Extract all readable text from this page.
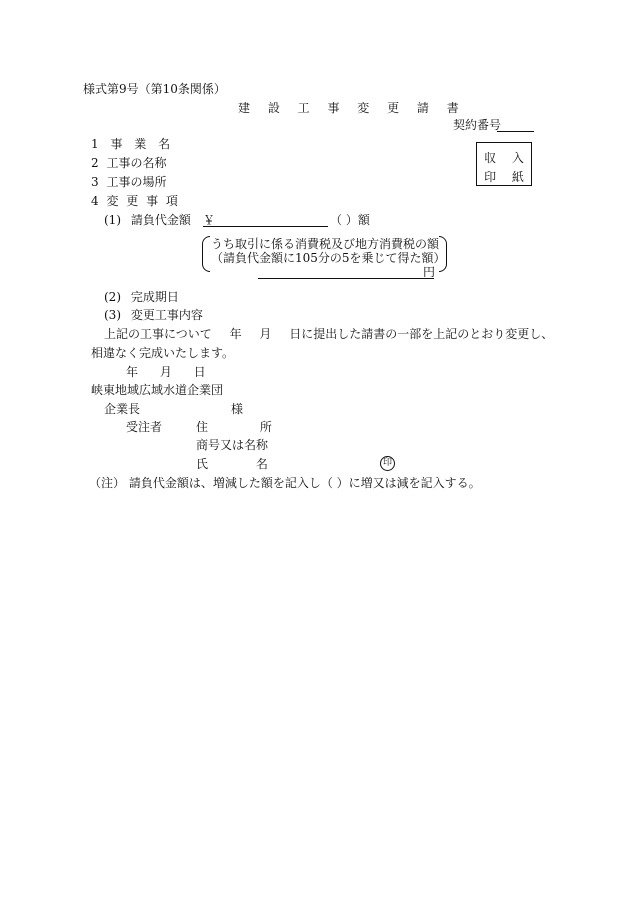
様式第9号（第10条関係）
建 設 工 事 変 更 請 書
契約番号
収 入
印 紙
1 事 業 名
2 工事の名称
3 工事の場所
4 変 更 事 項
(1) 請負代金額 ￥	（ ）額
うち取引に係る消費税及び地方消費税の額
（請負代金額に105分の5を乗じて得た額）
円
(2) 完成期日
(3) 変更工事内容
上記の工事について 年 月 日に提出した請書の一部を上記のとおり変更し、
相違なく完成いたします。
年 月 日
峡東地域広域水道企業団
企業長	様
受注者	住 所
商号又は名称
氏 名	印
（注） 請負代金額は、増減した額を記入し（ ）に増又は減を記入する。
